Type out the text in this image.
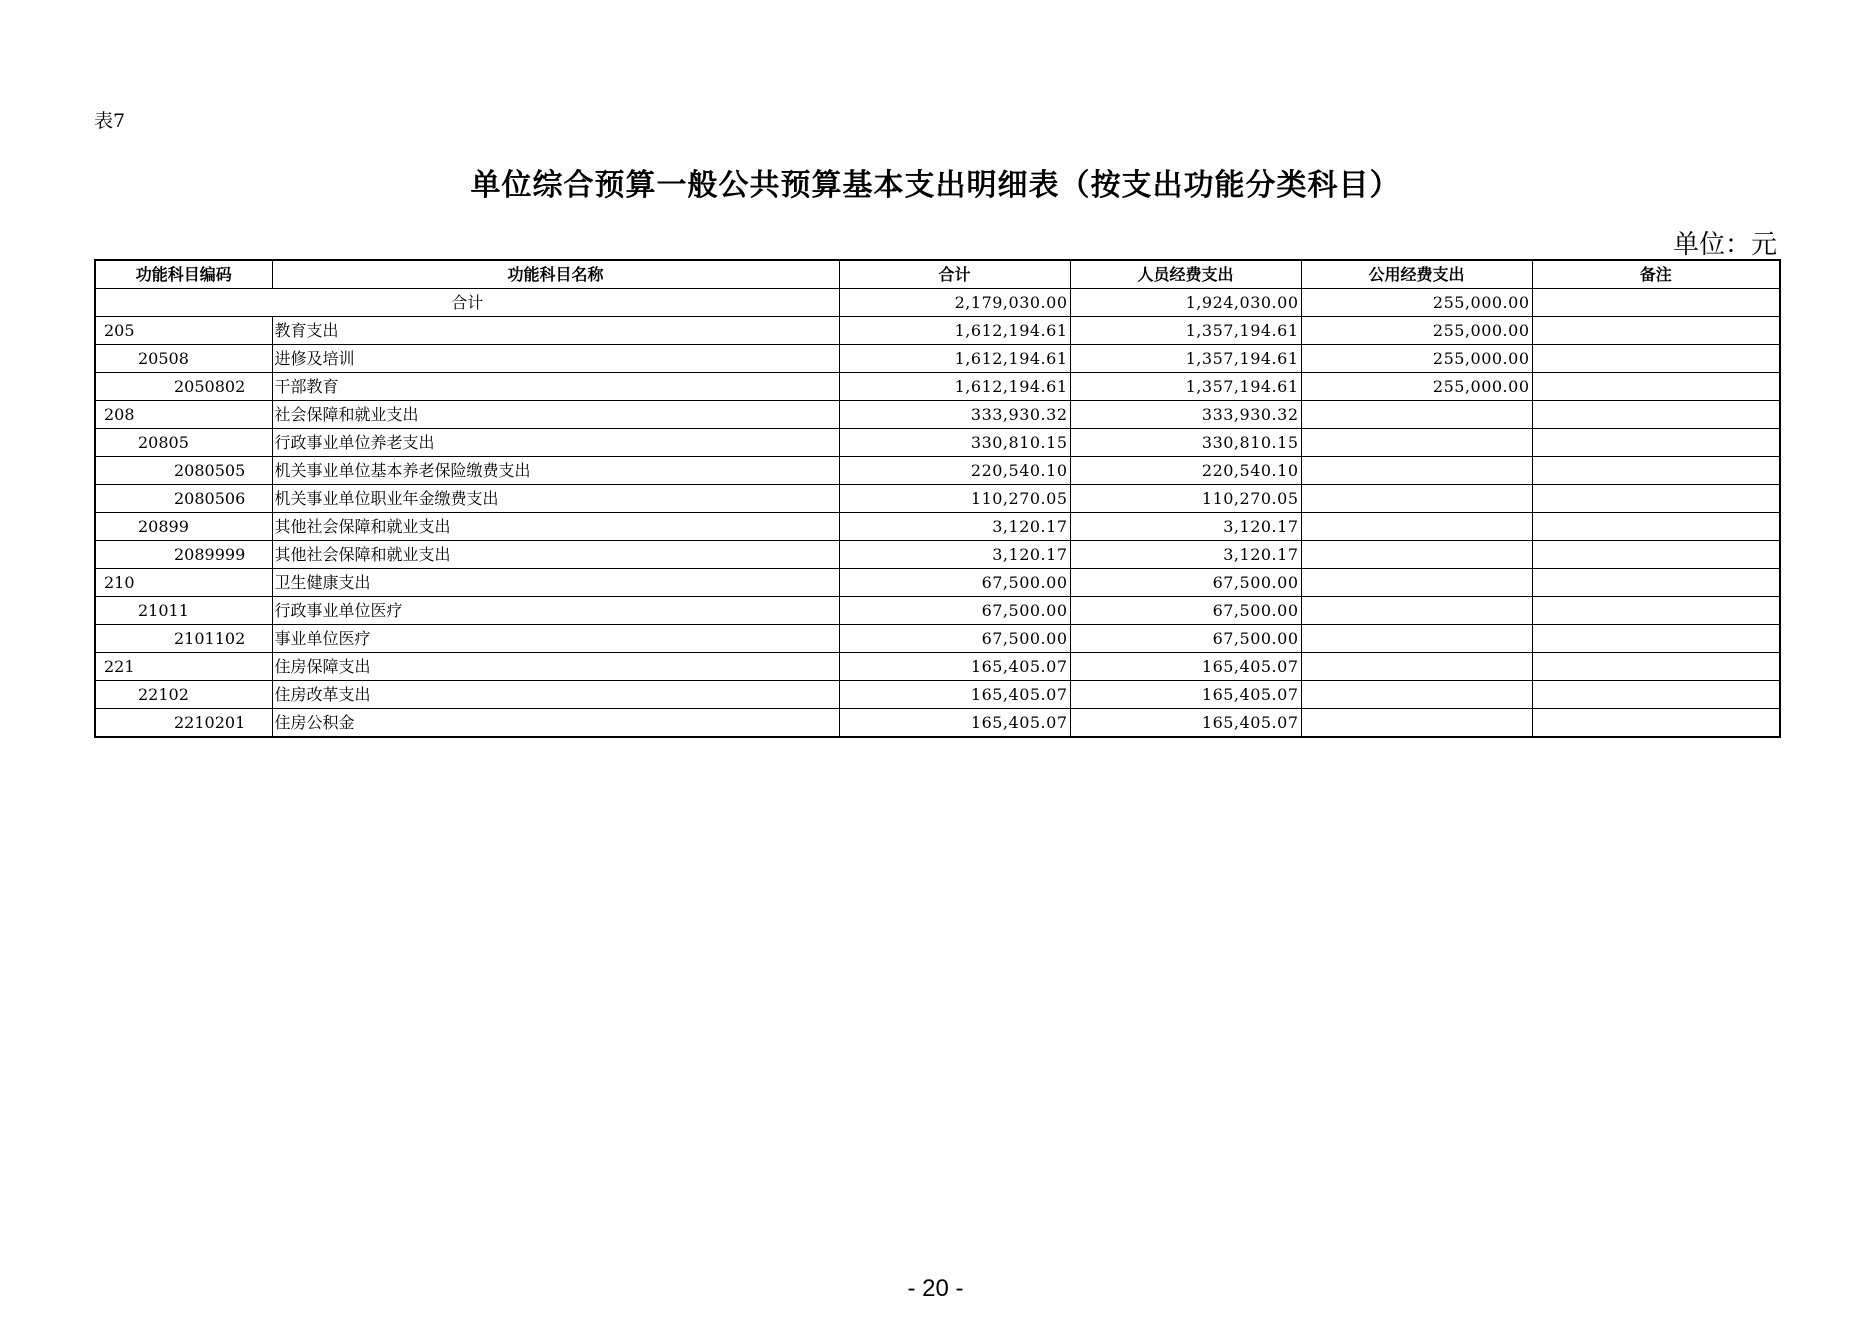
表7
单位综合预算一般公共预算基本支出明细表（按支出功能分类科目）
单位：元
功能科目编码	功能科目名称	合计	人员经费支出	公用经费支出	备注
合计		2,179,030.00	1,924,030.00	255,000.00	
205	教育支出	1,612,194.61	1,357,194.61	255,000.00	
20508	进修及培训	1,612,194.61	1,357,194.61	255,000.00	
2050802	干部教育	1,612,194.61	1,357,194.61	255,000.00	
208	社会保障和就业支出	333,930.32	333,930.32		
20805	行政事业单位养老支出	330,810.15	330,810.15		
2080505	机关事业单位基本养老保险缴费支出	220,540.10	220,540.10		
2080506	机关事业单位职业年金缴费支出	110,270.05	110,270.05		
20899	其他社会保障和就业支出	3,120.17	3,120.17		
2089999	其他社会保障和就业支出	3,120.17	3,120.17		
210	卫生健康支出	67,500.00	67,500.00		
21011	行政事业单位医疗	67,500.00	67,500.00		
2101102	事业单位医疗	67,500.00	67,500.00		
221	住房保障支出	165,405.07	165,405.07		
22102	住房改革支出	165,405.07	165,405.07		
2210201	住房公积金	165,405.07	165,405.07		
- 20 -
